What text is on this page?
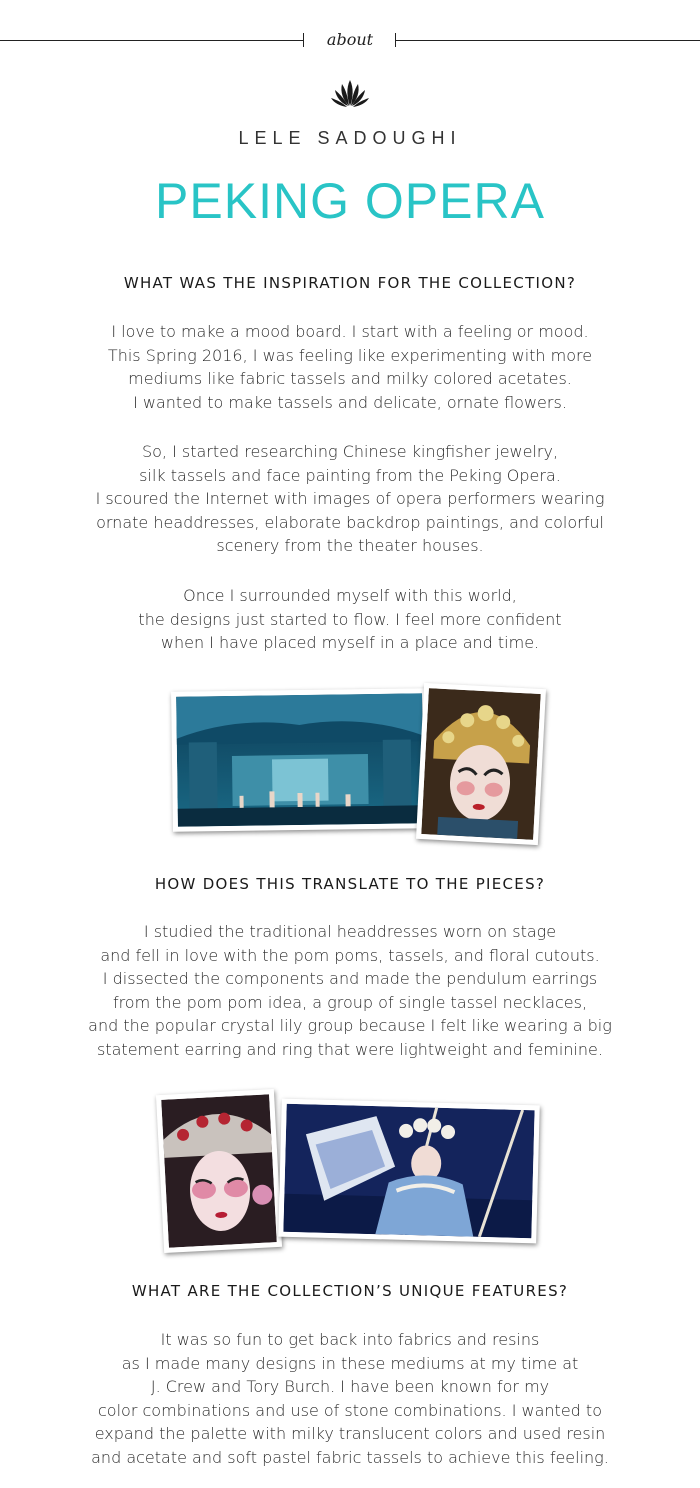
about
LELE SADOUGHI
PEKING OPERA
WHAT WAS THE INSPIRATION FOR THE COLLECTION?
I love to make a mood board. I start with a feeling or mood.
This Spring 2016, I was feeling like experimenting with more
mediums like fabric tassels and milky colored acetates.
I wanted to make tassels and delicate, ornate flowers.
So, I started researching Chinese kingfisher jewelry,
silk tassels and face painting from the Peking Opera.
I scoured the Internet with images of opera performers wearing
ornate headdresses, elaborate backdrop paintings, and colorful
scenery from the theater houses.
Once I surrounded myself with this world,
the designs just started to flow. I feel more confident
when I have placed myself in a place and time.
HOW DOES THIS TRANSLATE TO THE PIECES?
I studied the traditional headdresses worn on stage
and fell in love with the pom poms, tassels, and floral cutouts.
I dissected the components and made the pendulum earrings
from the pom pom idea, a group of single tassel necklaces,
and the popular crystal lily group because I felt like wearing a big
statement earring and ring that were lightweight and feminine.
WHAT ARE THE COLLECTION’S UNIQUE FEATURES?
It was so fun to get back into fabrics and resins
as I made many designs in these mediums at my time at
J. Crew and Tory Burch. I have been known for my
color combinations and use of stone combinations. I wanted to
expand the palette with milky translucent colors and used resin
and acetate and soft pastel fabric tassels to achieve this feeling.
